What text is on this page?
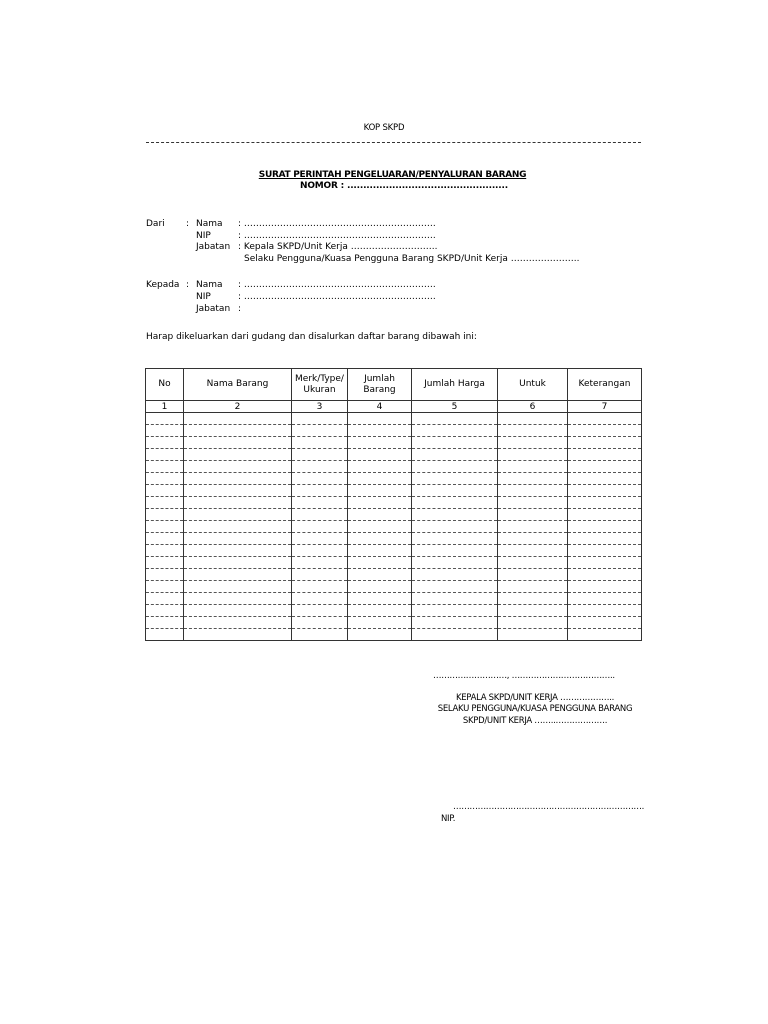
KOP SKPD
SURAT PERINTAH PENGELUARAN/PENYALURAN BARANG
NOMOR : ..................................................
Dari : Nama : ……………………………………………………….
NIP	: ……………………………………………………….
Jabatan : Kepala SKPD/Unit Kerja ………………………..
Selaku Pengguna/Kuasa Pengguna Barang SKPD/Unit Kerja …………………..
Kepada : Nama : ……………………………………………………….
NIP	: ……………………………………………………….
Jabatan :
Harap dikeluarkan dari gudang dan disalurkan daftar barang dibawah ini:
No	Nama Barang	Merk/Type/ Ukuran	Jumlah Barang	Jumlah Harga	Untuk	Keterangan
1	2	3	4	5	6	7

………………………, ………………………………..
KEPALA SKPD/UNIT KERJA ………………..
SELAKU PENGGUNA/KUASA PENGGUNA BARANG
SKPD/UNIT KERJA ……..……………….
…………………………………………………………….
NIP.
